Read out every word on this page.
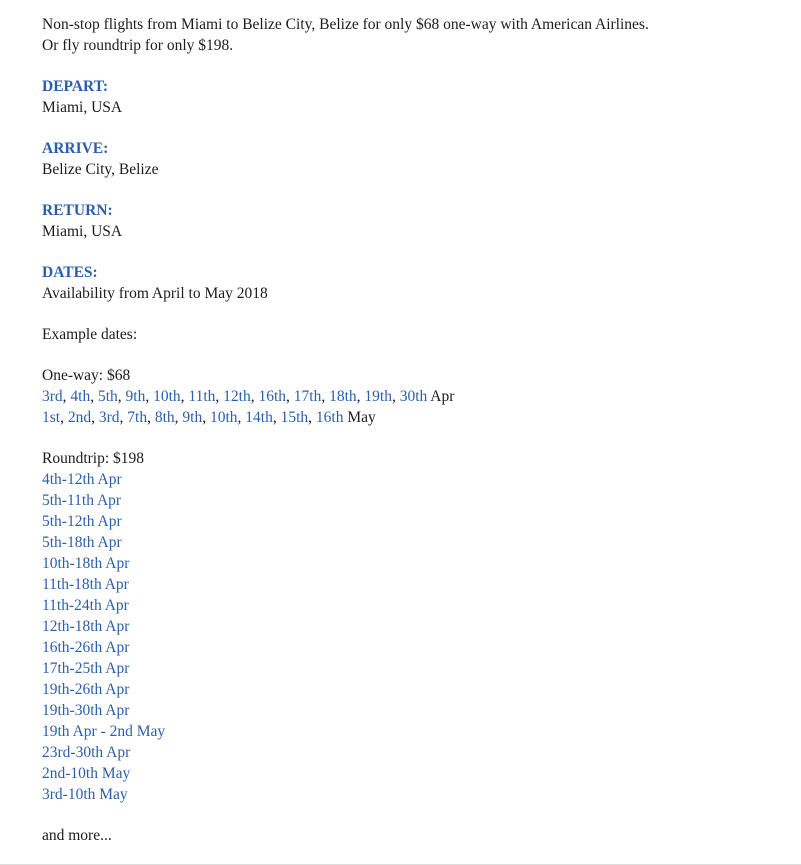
Non-stop flights from Miami to Belize City, Belize for only $68 one-way with American Airlines.
Or fly roundtrip for only $198.
DEPART:
Miami, USA
ARRIVE:
Belize City, Belize
RETURN:
Miami, USA
DATES:
Availability from April to May 2018
Example dates:
One-way: $68
3rd, 4th, 5th, 9th, 10th, 11th, 12th, 16th, 17th, 18th, 19th, 30th Apr
1st, 2nd, 3rd, 7th, 8th, 9th, 10th, 14th, 15th, 16th May
Roundtrip: $198
4th-12th Apr
5th-11th Apr
5th-12th Apr
5th-18th Apr
10th-18th Apr
11th-18th Apr
11th-24th Apr
12th-18th Apr
16th-26th Apr
17th-25th Apr
19th-26th Apr
19th-30th Apr
19th Apr - 2nd May
23rd-30th Apr
2nd-10th May
3rd-10th May
and more...
